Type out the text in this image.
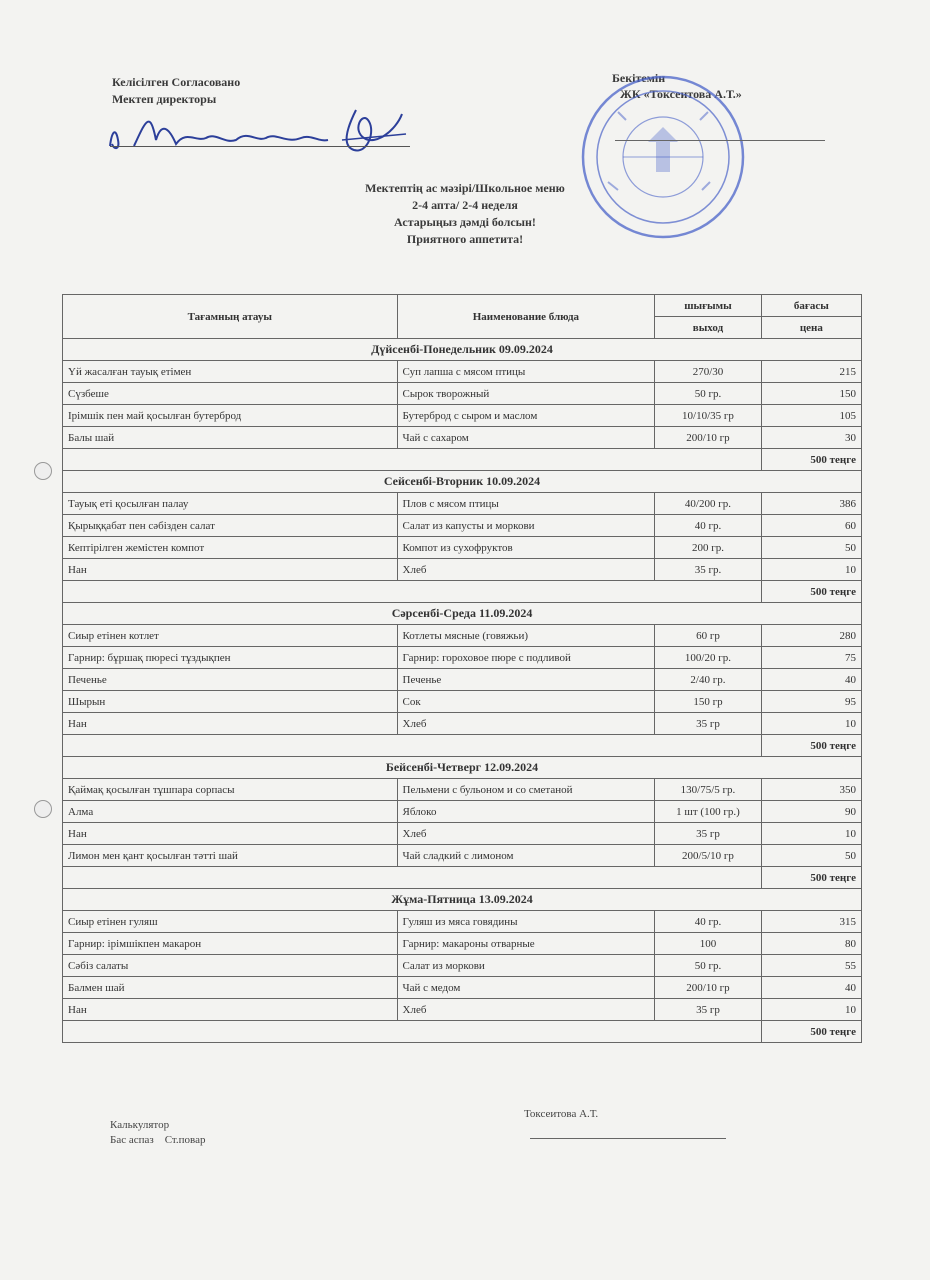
Келісілген Согласовано
Мектеп директоры
Бекітемін
ЖК «Токсеитова А.Т.»
Мектептің ас мәзірі/Школьное меню
2-4 апта/ 2-4 неделя
Астарыңыз дәмді болсын!
Приятного аппетита!
Тағамның атауы	Наименование блюда	шығымы	бағасы
		выход	цена
Дүйсенбі-Понедельник 09.09.2024			
Үй жасалған тауық етімен	Суп лапша с мясом птицы	270/30	215
Сүзбеше	Сырок творожный	50 гр.	150
Ірімшік пен май қосылған бутерброд	Бутерброд с сыром и маслом	10/10/35 гр	105
Балы шай	Чай с сахаром	200/10 гр	30
			500 теңге
Сейсенбі-Вторник 10.09.2024			
Тауық еті қосылған палау	Плов с мясом птицы	40/200 гр.	386
Қырыққабат пен сәбізден салат	Салат из капусты и моркови	40 гр.	60
Кептірілген жемістен компот	Компот из сухофруктов	200 гр.	50
Нан	Хлеб	35 гр.	10
			500 теңге
Сәрсенбі-Среда 11.09.2024			
Сиыр етінен котлет	Котлеты мясные (говяжьи)	60 гр	280
Гарнир: бұршақ пюресі тұздықпен	Гарнир: гороховое пюре с подливой	100/20 гр.	75
Печенье	Печенье	2/40 гр.	40
Шырын	Сок	150 гр	95
Нан	Хлеб	35 гр	10
			500 теңге
Бейсенбі-Четверг 12.09.2024			
Қаймақ қосылған тұшпара сорпасы	Пельмени с бульоном и со сметаной	130/75/5 гр.	350
Алма	Яблоко	1 шт (100 гр.)	90
Нан	Хлеб	35 гр	10
Лимон мен қант қосылған тәтті шай	Чай сладкий с лимоном	200/5/10 гр	50
			500 теңге
Жұма-Пятница 13.09.2024			
Сиыр етінен гуляш	Гуляш из мяса говядины	40 гр.	315
Гарнир: ірімшікпен макарон	Гарнир: макароны отварные	100	80
Сәбіз салаты	Салат из моркови	50 гр.	55
Балмен шай	Чай с медом	200/10 гр	40
Нан	Хлеб	35 гр	10
			500 теңге
Калькулятор
Бас аспаз    Ст.повар
Токсеитова А.Т.
